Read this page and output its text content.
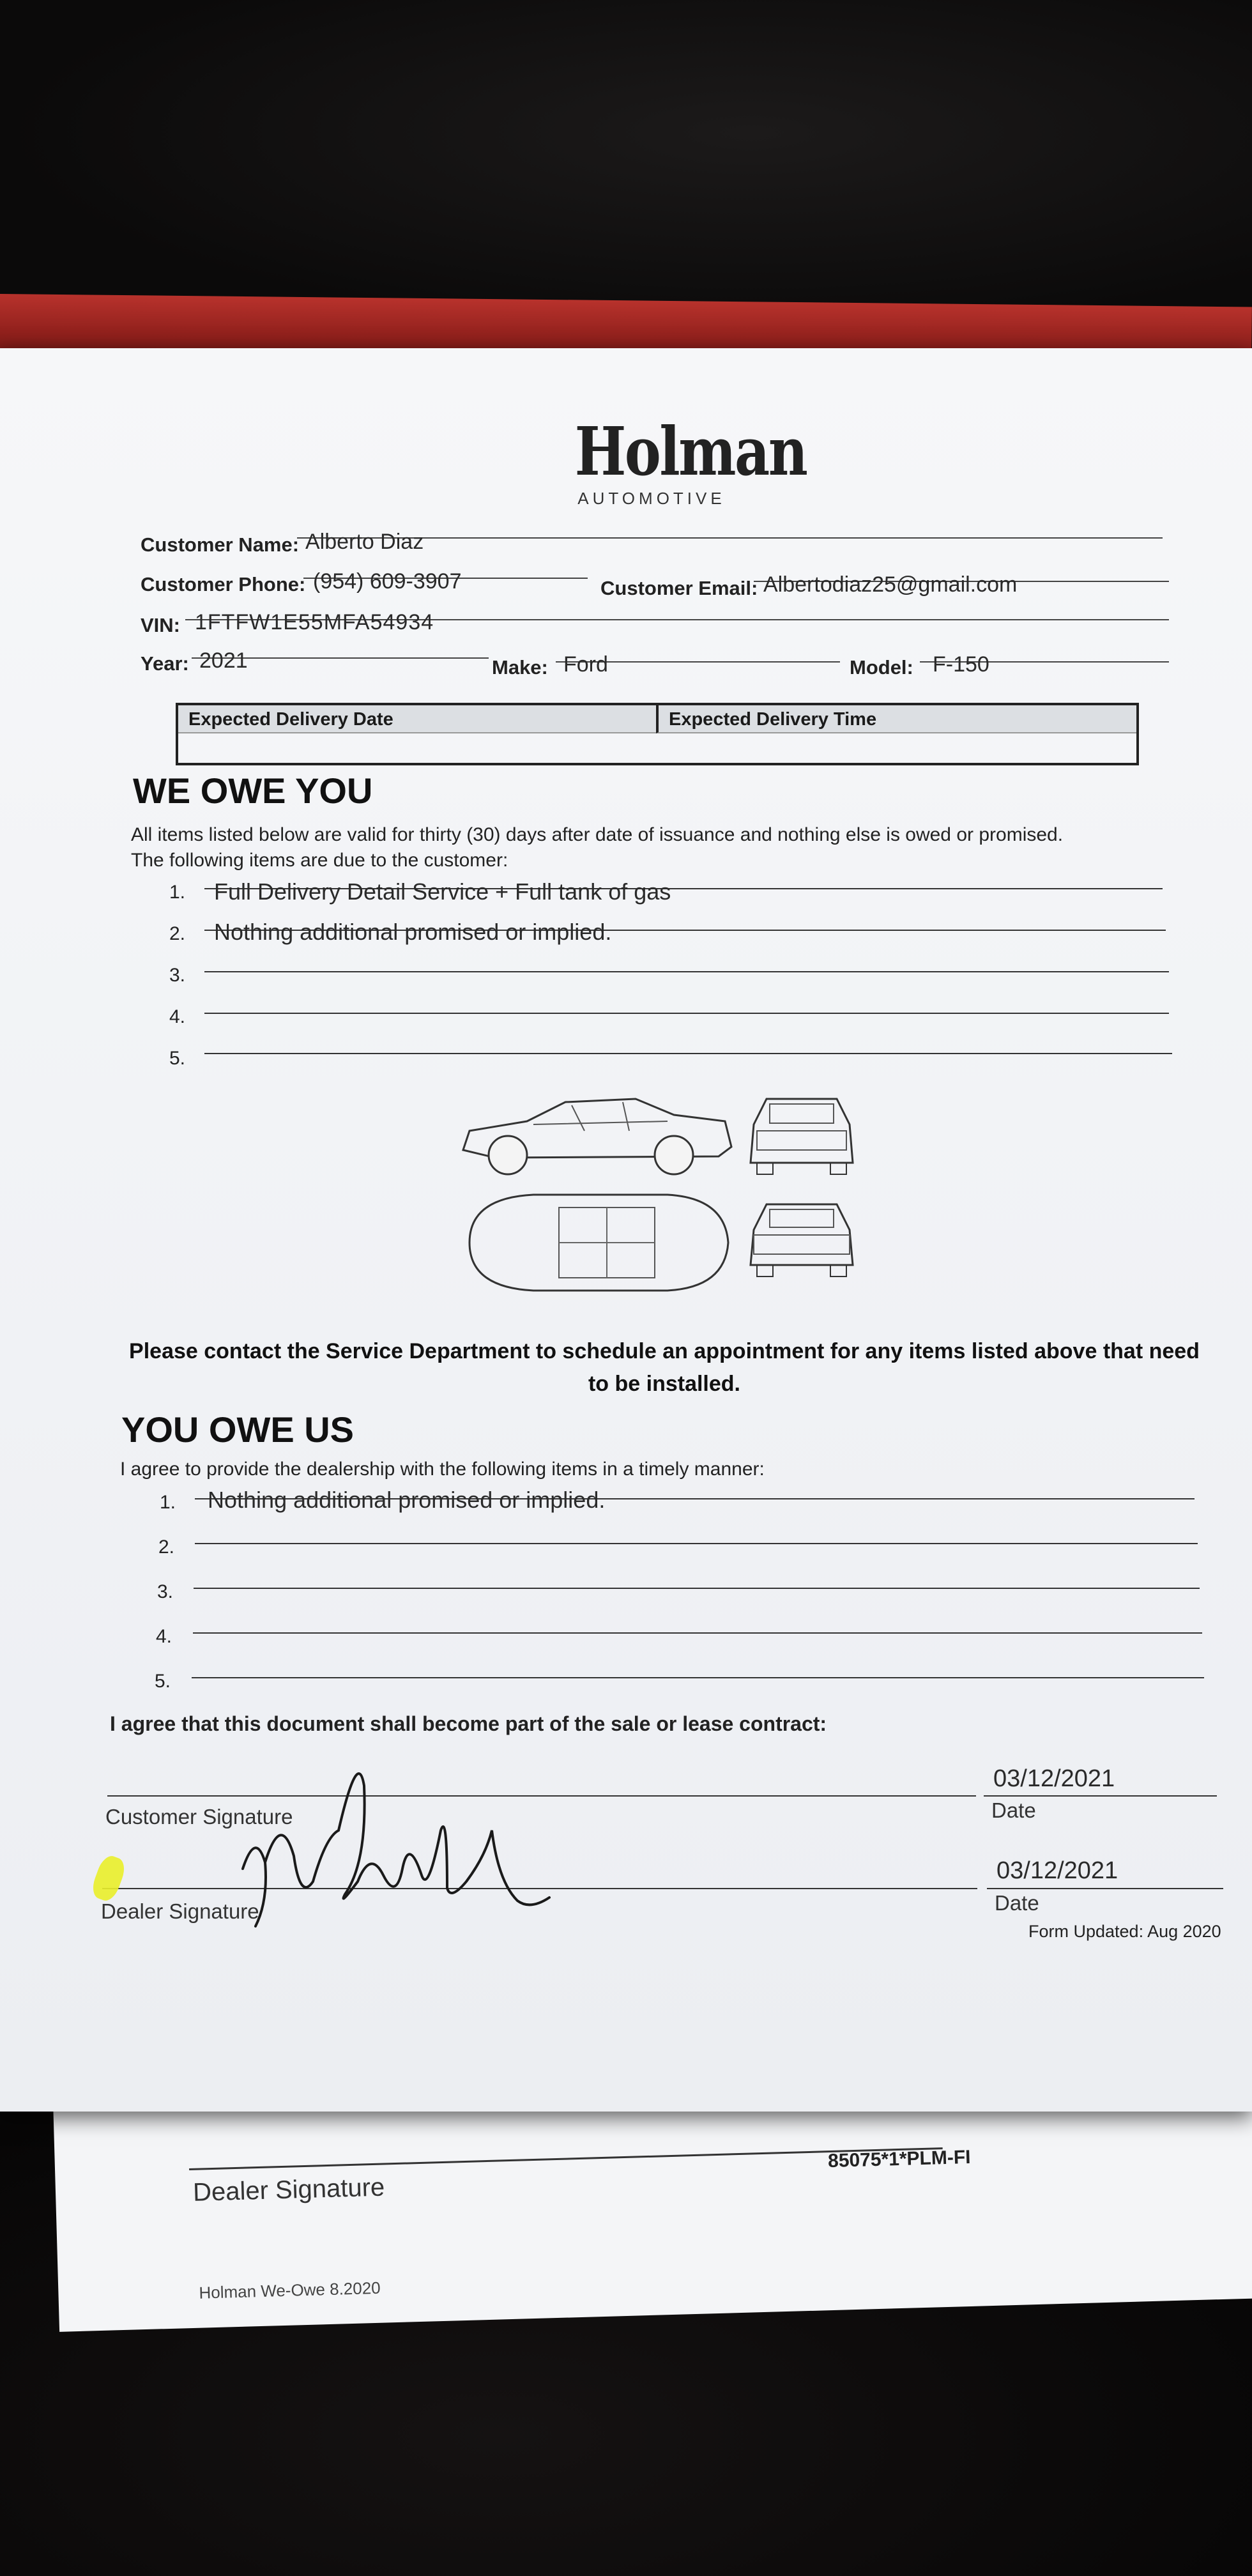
Dealer Signature
85075*1*PLM-FI
Holman We-Owe 8.2020
Holman
AUTOMOTIVE
Customer Name: Alberto Diaz
Customer Phone: (954) 609-3907	Customer Email: Albertodiaz25@gmail.com
VIN: 1FTFW1E55MFA54934
Year: 2021	Make: Ford	Model: F-150
Expected Delivery Date	Expected Delivery Time
WE OWE YOU
All items listed below are valid for thirty (30) days after date of issuance and nothing else is owed or promised.
The following items are due to the customer:
1. Full Delivery Detail Service + Full tank of gas
2. Nothing additional promised or implied.
3.
4.
5.
Please contact the Service Department to schedule an appointment for any items listed above that need to be installed.
YOU OWE US
I agree to provide the dealership with the following items in a timely manner:
1. Nothing additional promised or implied.
2.
3.
4.
5.
I agree that this document shall become part of the sale or lease contract:
Customer Signature
03/12/2021
Date
Dealer Signature
03/12/2021
Date
Form Updated: Aug 2020
